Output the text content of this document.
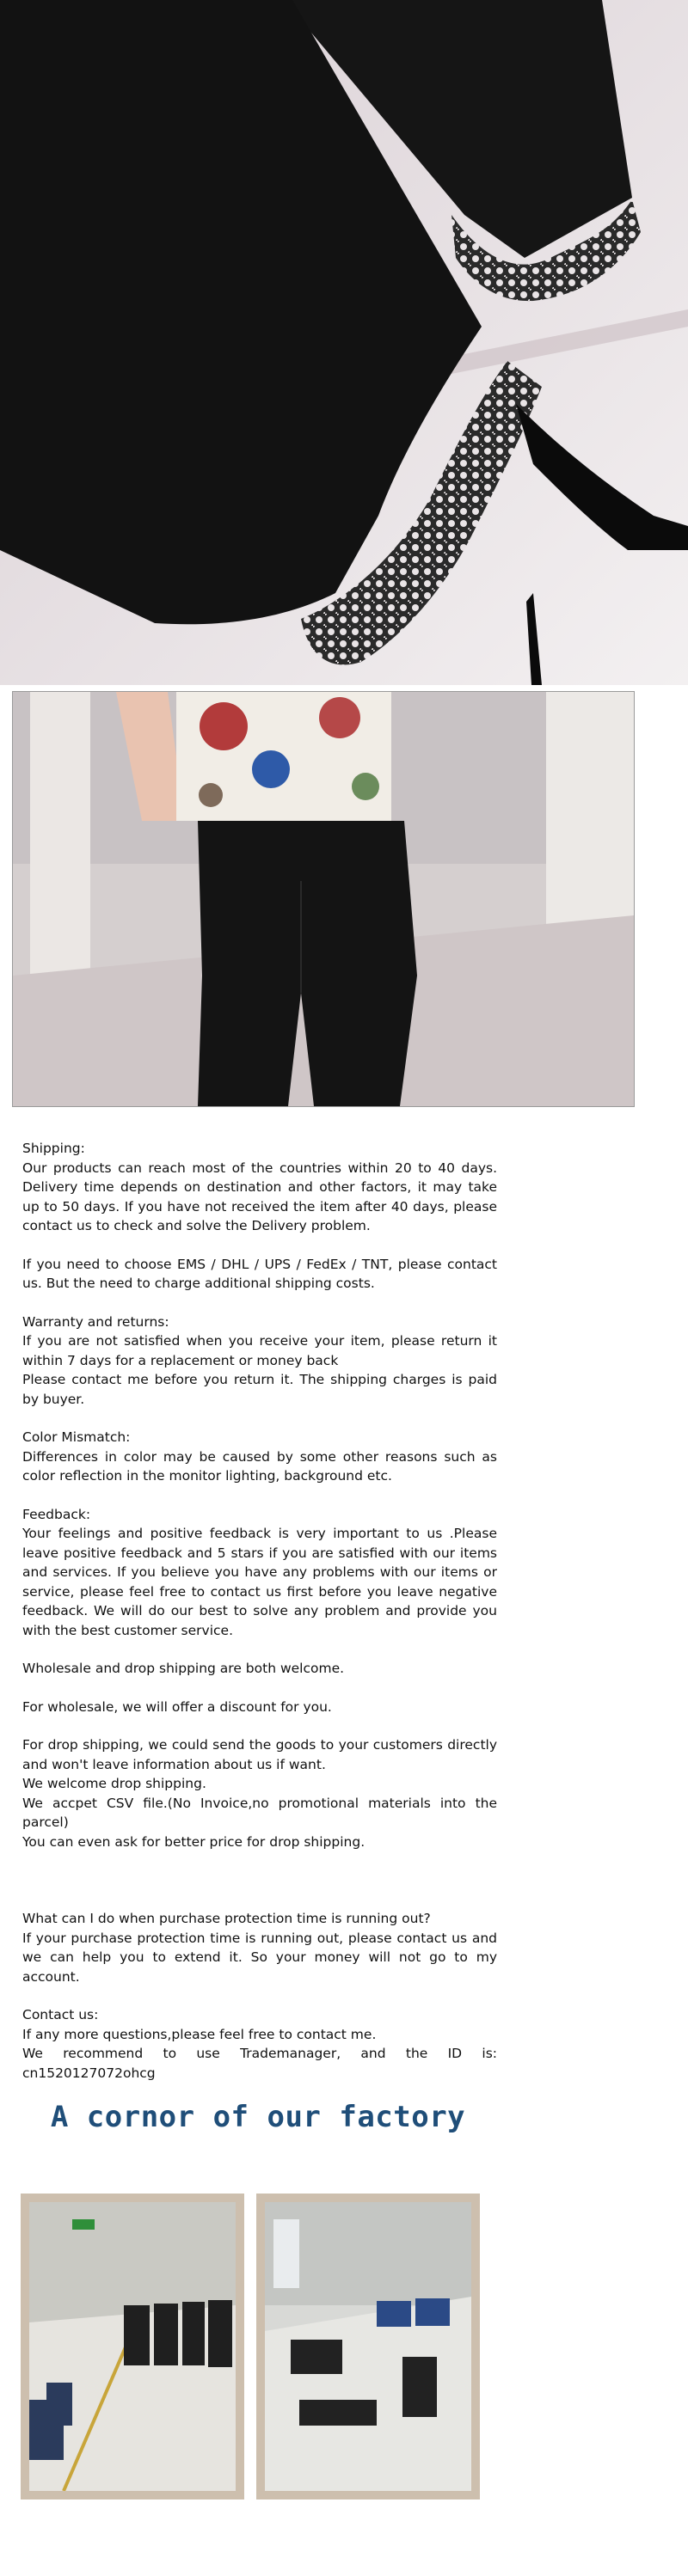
Shipping:

Our products can reach most of the countries within 20 to 40 days. Delivery time depends on destination and other factors, it may take up to 50 days. If you have not received the item after 40 days, please contact us to check and solve the Delivery problem.

If you need to choose EMS / DHL / UPS / FedEx / TNT, please contact us. But the need to charge additional shipping costs.

Warranty and returns:

If you are not satisfied when you receive your item, please return it within 7 days for a replacement or money back

Please contact me before you return it. The shipping charges is paid by buyer.

Color Mismatch:

Differences in color may be caused by some other reasons such as color reflection in the monitor lighting, background etc.

Feedback:

Your feelings and positive feedback is very important to us .Please leave positive feedback and 5 stars if you are satisfied with our items and services. If you believe you have any problems with our items or service, please feel free to contact us first before you leave negative feedback. We will do our best to solve any problem and provide you with the best customer service.

Wholesale and drop shipping are both welcome.

For wholesale, we will offer a discount for you.

For drop shipping, we could send the goods to your customers directly and won't leave information about us if want.

We welcome drop shipping.

We accpet CSV file.(No Invoice,no promotional materials into the parcel)

You can even ask for better price for drop shipping.

What can I do when purchase protection time is running out?

If your purchase protection time is running out, please contact us and we can help you to extend it. So your money will not go to my account.

Contact us:

If any more questions,please feel free to contact me.

We recommend to use Trademanager, and the ID is: cn1520127072ohcg

A cornor of our factory
